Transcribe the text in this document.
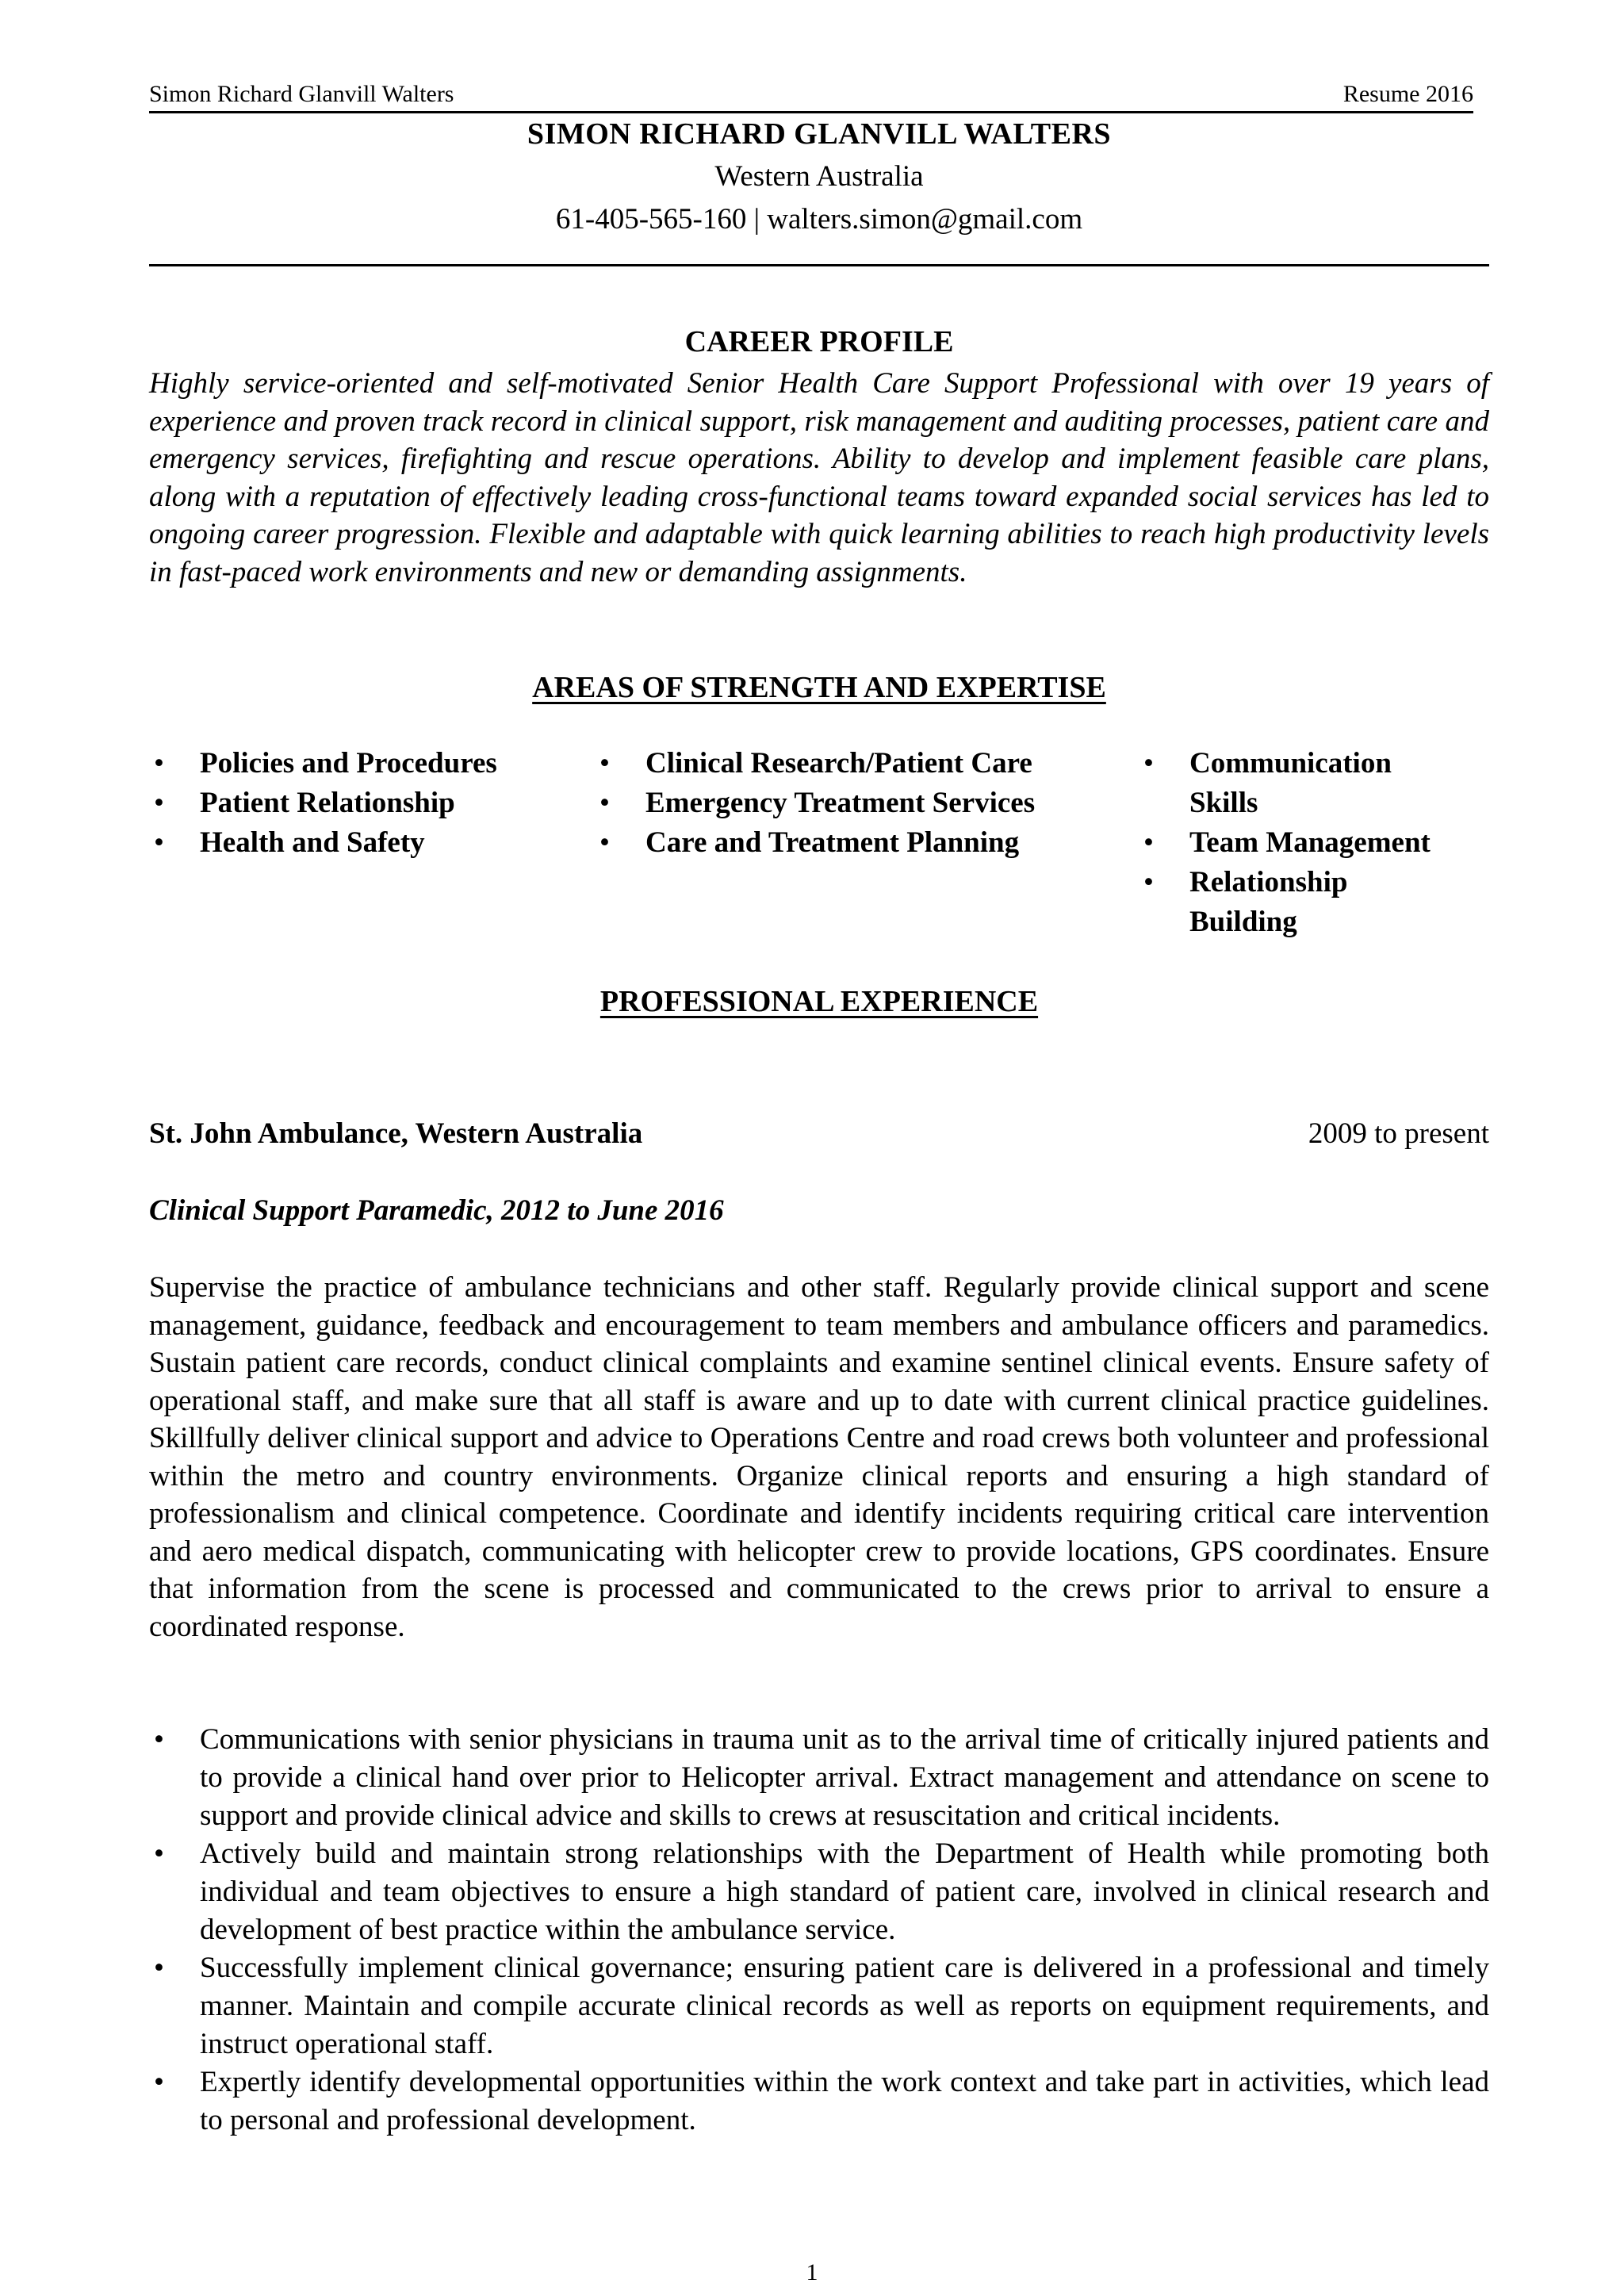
Simon Richard Glanvill Walters	Resume 2016
SIMON RICHARD GLANVILL WALTERS
Western Australia
61-405-565-160 | walters.simon@gmail.com
CAREER PROFILE

Highly service-oriented and self-motivated Senior Health Care Support Professional with over 19 years of experience and proven track record in clinical support, risk management and auditing processes, patient care and emergency services, firefighting and rescue operations. Ability to develop and implement feasible care plans, along with a reputation of effectively leading cross-functional teams toward expanded social services has led to ongoing career progression. Flexible and adaptable with quick learning abilities to reach high productivity levels in fast-paced work environments and new or demanding assignments.

AREAS OF STRENGTH AND EXPERTISE
• Policies and Procedures
• Patient Relationship
• Health and Safety
• Clinical Research/Patient Care
• Emergency Treatment Services
• Care and Treatment Planning
• Communication Skills
• Team Management
• Relationship Building
PROFESSIONAL EXPERIENCE
St. John Ambulance, Western Australia	2009 to present
Clinical Support Paramedic, 2012 to June 2016

Supervise the practice of ambulance technicians and other staff. Regularly provide clinical support and scene management, guidance, feedback and encouragement to team members and ambulance officers and paramedics. Sustain patient care records, conduct clinical complaints and examine sentinel clinical events. Ensure safety of operational staff, and make sure that all staff is aware and up to date with current clinical practice guidelines. Skillfully deliver clinical support and advice to Operations Centre and road crews both volunteer and professional within the metro and country environments. Organize clinical reports and ensuring a high standard of professionalism and clinical competence. Coordinate and identify incidents requiring critical care intervention and aero medical dispatch, communicating with helicopter crew to provide locations, GPS coordinates. Ensure that information from the scene is processed and communicated to the crews prior to arrival to ensure a coordinated response.

• Communications with senior physicians in trauma unit as to the arrival time of critically injured patients and to provide a clinical hand over prior to Helicopter arrival. Extract management and attendance on scene to support and provide clinical advice and skills to crews at resuscitation and critical incidents.
• Actively build and maintain strong relationships with the Department of Health while promoting both individual and team objectives to ensure a high standard of patient care, involved in clinical research and development of best practice within the ambulance service.
• Successfully implement clinical governance; ensuring patient care is delivered in a professional and timely manner. Maintain and compile accurate clinical records as well as reports on equipment requirements, and instruct operational staff.
• Expertly identify developmental opportunities within the work context and take part in activities, which lead to personal and professional development.
1
